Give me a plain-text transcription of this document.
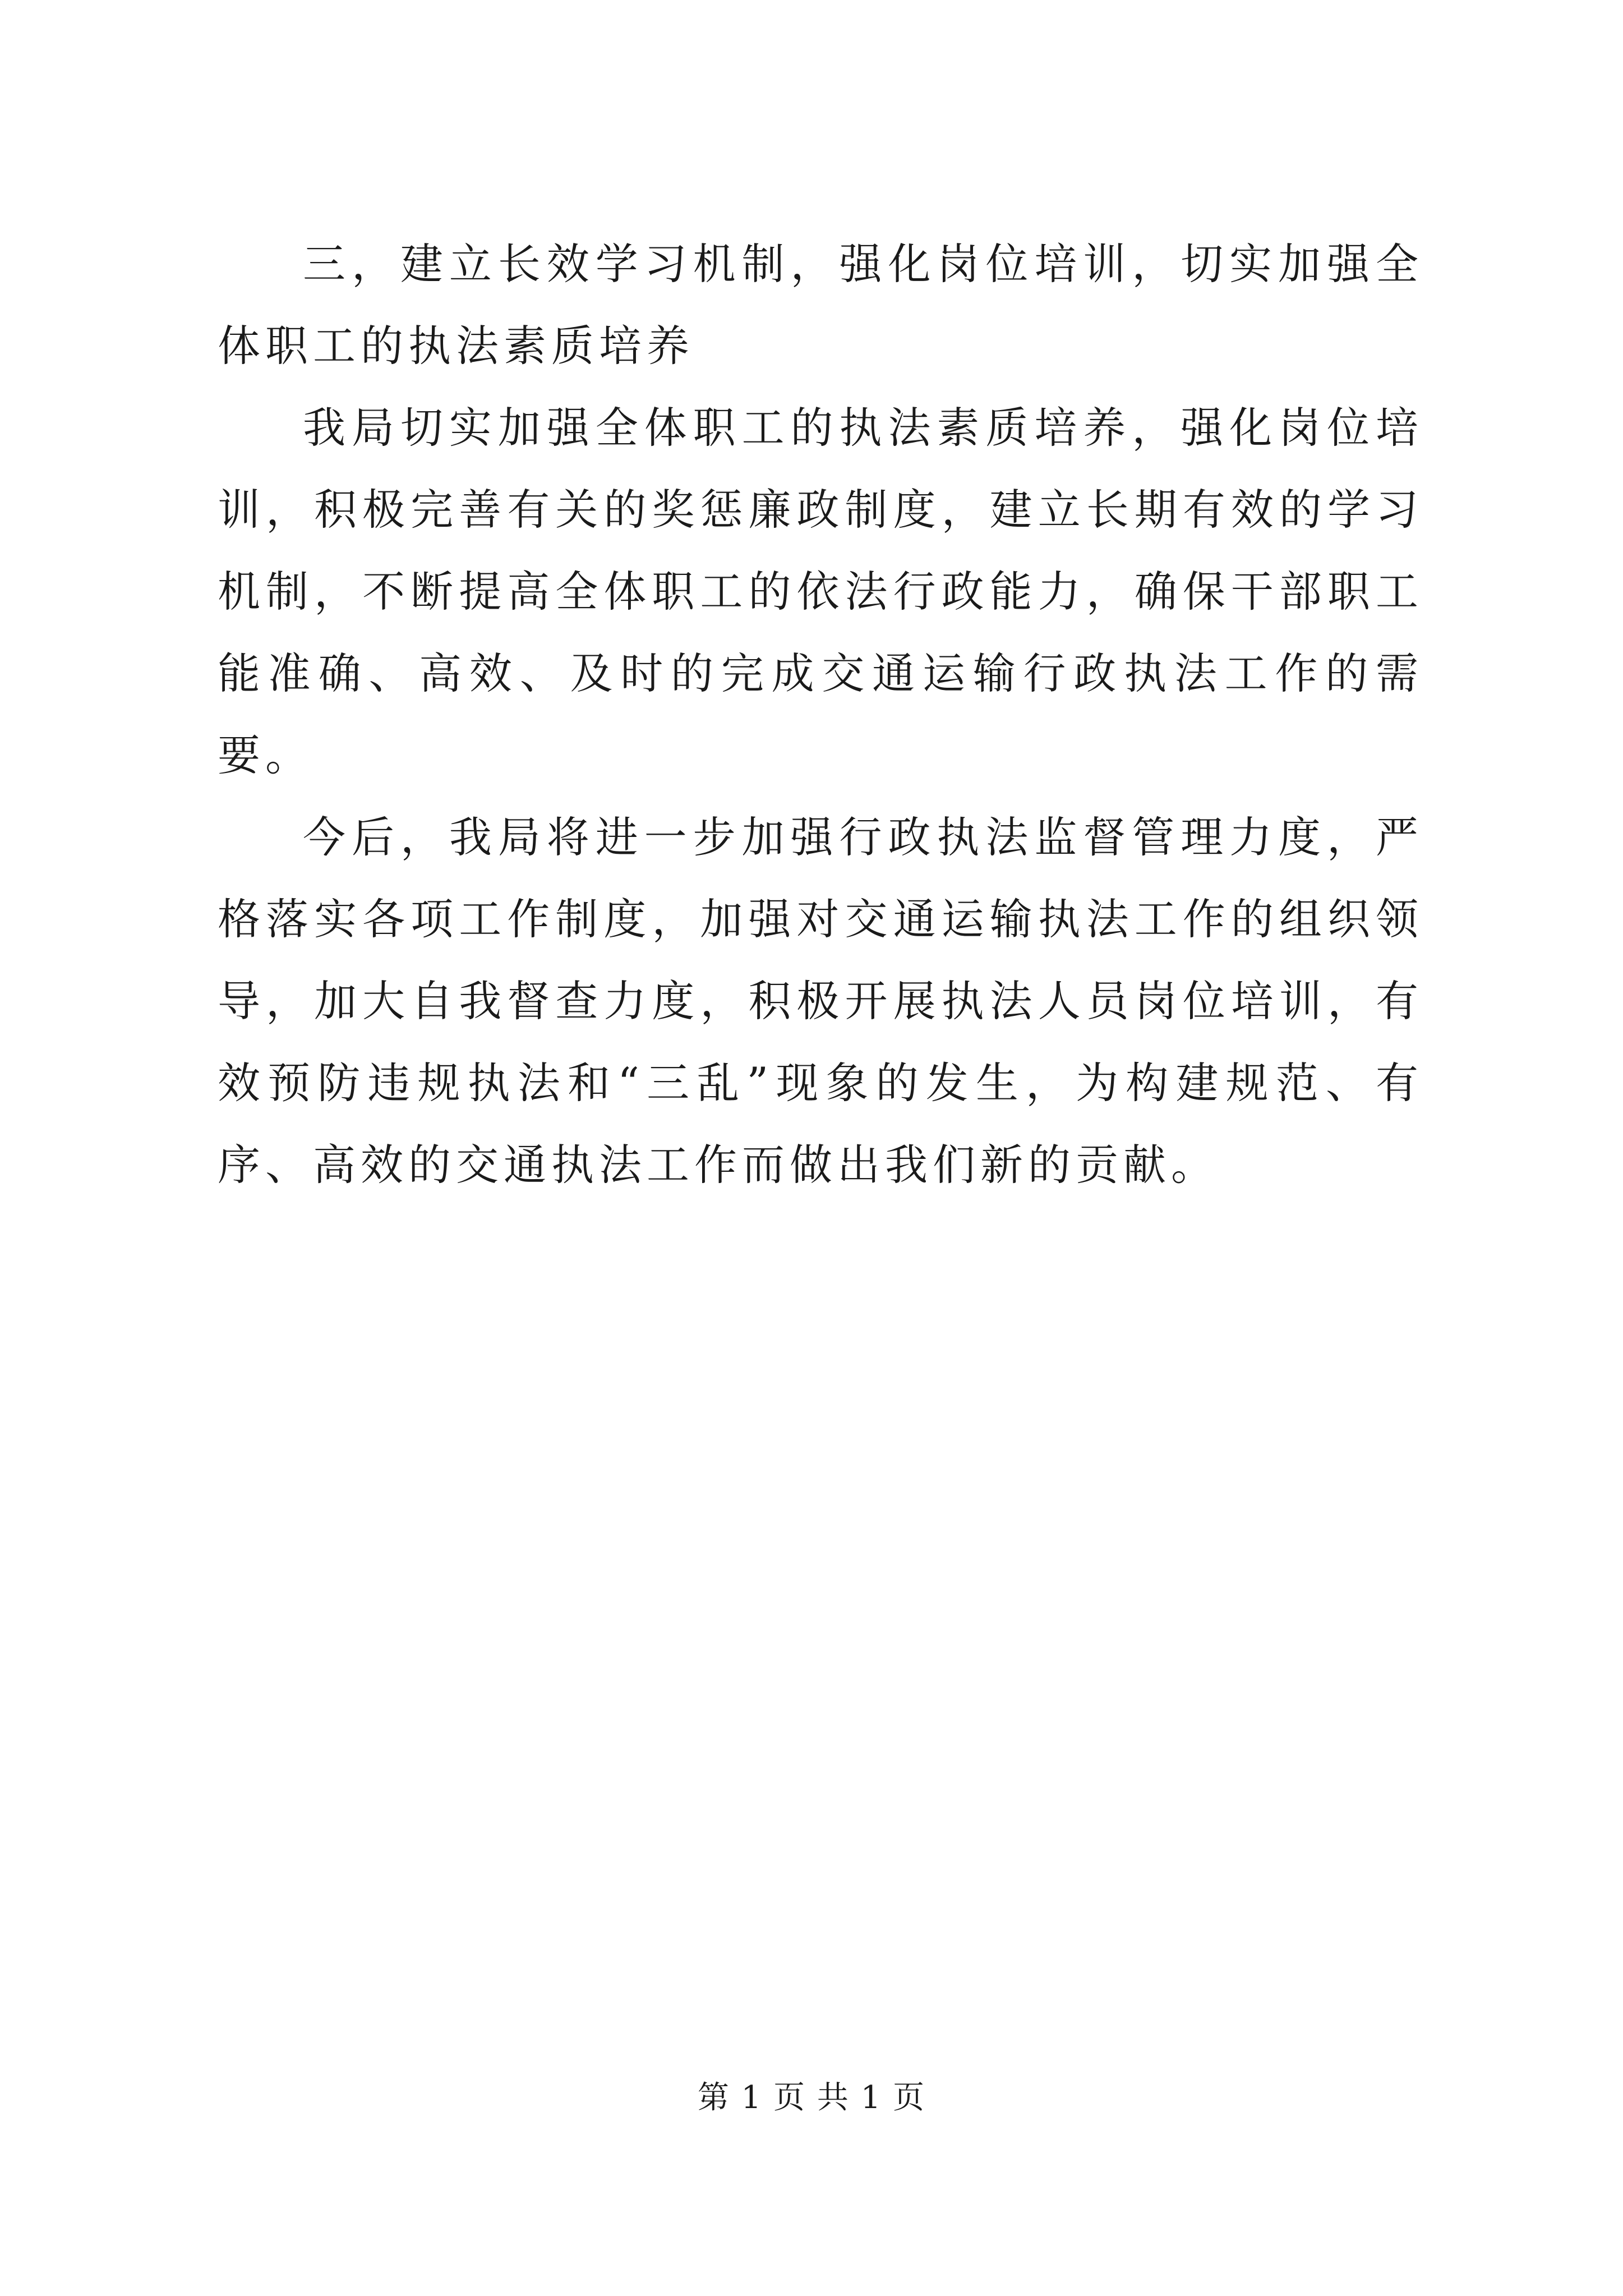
三，建立长效学习机制，强化岗位培训，切实加强全体职工的执法素质培养

我局切实加强全体职工的执法素质培养，强化岗位培训，积极完善有关的奖惩廉政制度，建立长期有效的学习机制，不断提高全体职工的依法行政能力，确保干部职工能准确、高效、及时的完成交通运输行政执法工作的需要。

今后，我局将进一步加强行政执法监督管理力度，严格落实各项工作制度，加强对交通运输执法工作的组织领导，加大自我督查力度，积极开展执法人员岗位培训，有效预防违规执法和“三乱”现象的发生，为构建规范、有序、高效的交通执法工作而做出我们新的贡献。

第 1 页 共 1 页
